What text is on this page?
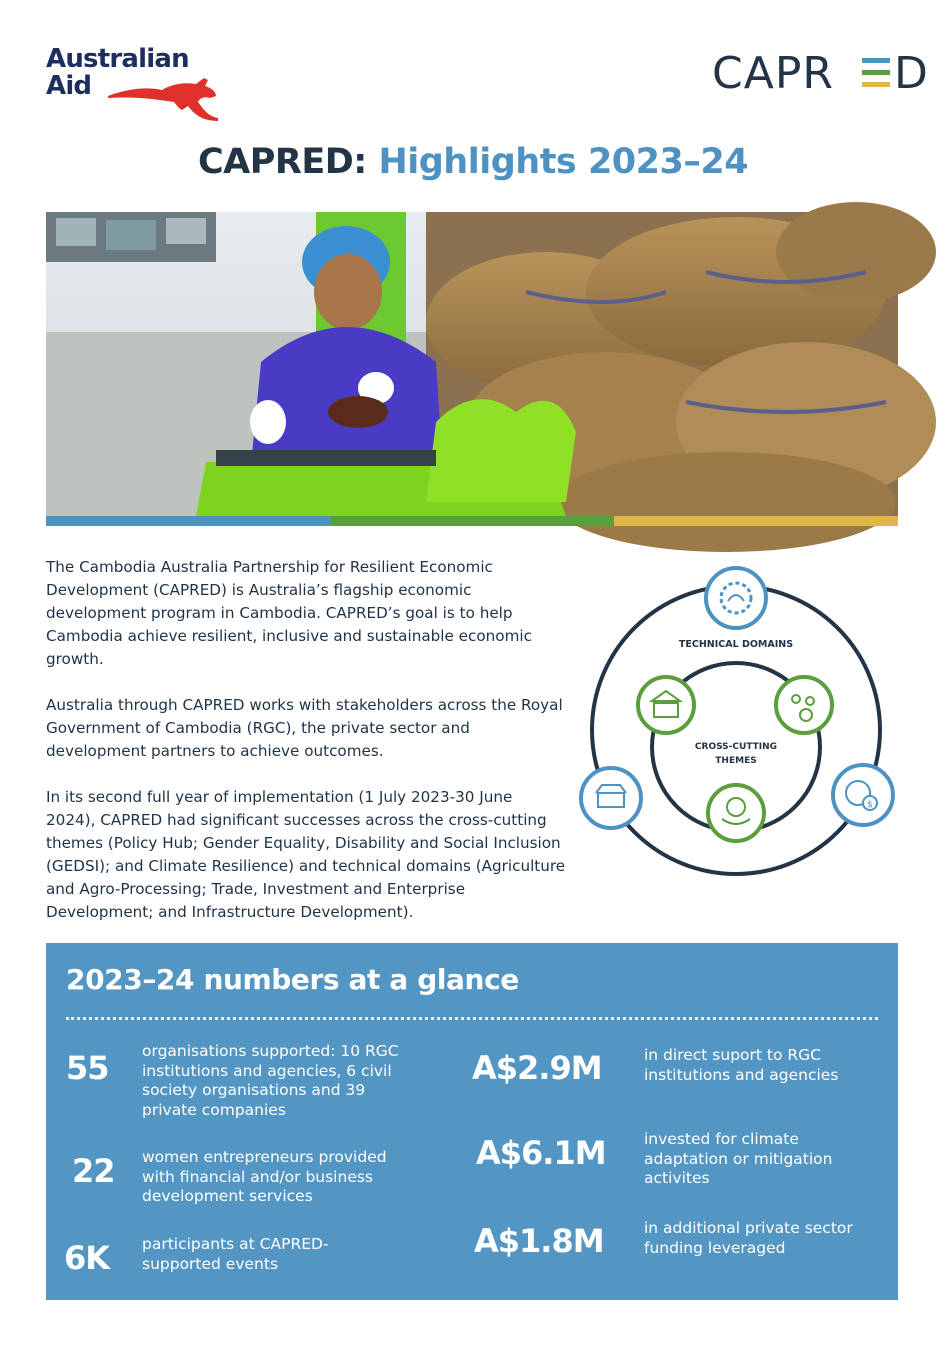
Australian
Aid	CAPR D
CAPRED: Highlights 2023–24

The Cambodia Australia Partnership for Resilient Economic Development (CAPRED) is Australia’s flagship economic development program in Cambodia. CAPRED’s goal is to help Cambodia achieve resilient, inclusive and sustainable economic growth.

Australia through CAPRED works with stakeholders across the Royal Government of Cambodia (RGC), the private sector and development partners to achieve outcomes.

In its second full year of implementation (1 July 2023-30 June 2024), CAPRED had significant successes across the cross-cutting themes (Policy Hub; Gender Equality, Disability and Social Inclusion (GEDSI); and Climate Resilience) and technical domains (Agriculture and Agro-Processing; Trade, Investment and Enterprise Development; and Infrastructure Development).

TECHNICAL DOMAINS
CROSS-CUTTING
THEMES
$
2023–24 numbers at a glance
55 organisations supported: 10 RGC
institutions and agencies, 6 civil
society organisations and 39
private companies
22 women entrepreneurs provided
with financial and/or business
development services
6K participants at CAPRED-
supported events
A$2.9M	in direct suport to RGC
institutions and agencies
A$6.1M invested for climate
adaptation or mitigation
activites
A$1.8M	in additional private sector
funding leveraged
